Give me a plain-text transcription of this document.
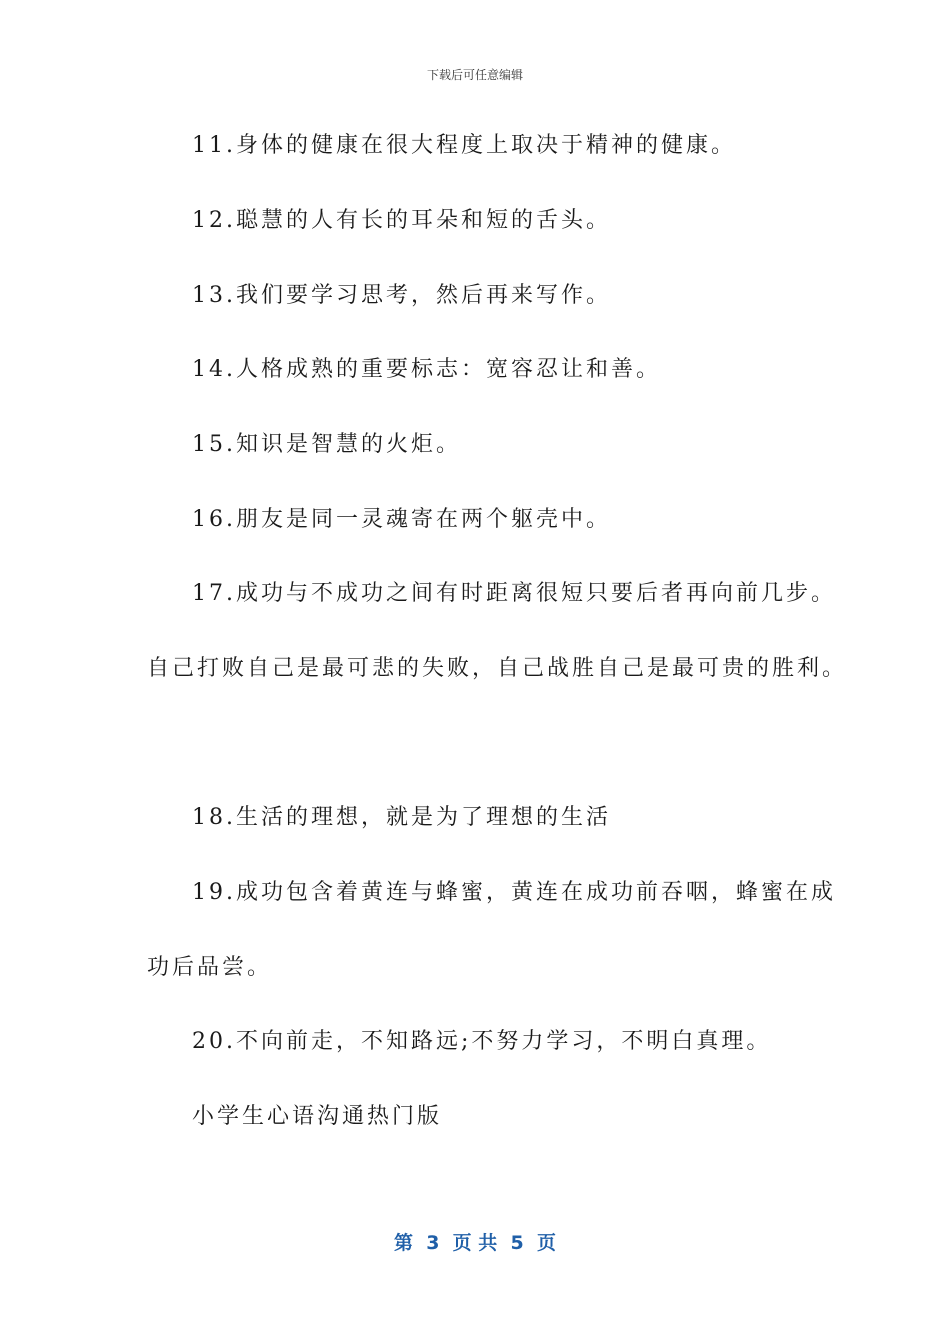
下载后可任意编辑
11.身体的健康在很大程度上取决于精神的健康。
12.聪慧的人有长的耳朵和短的舌头。
13.我们要学习思考，然后再来写作。
14.人格成熟的重要标志：宽容忍让和善。
15.知识是智慧的火炬。
16.朋友是同一灵魂寄在两个躯壳中。
17.成功与不成功之间有时距离很短只要后者再向前几步。
自己打败自己是最可悲的失败，自己战胜自己是最可贵的胜利。
18.生活的理想，就是为了理想的生活
19.成功包含着黄连与蜂蜜，黄连在成功前吞咽，蜂蜜在成
功后品尝。
20.不向前走，不知路远;不努力学习，不明白真理。
小学生心语沟通热门版
第  3  页 共  5  页
